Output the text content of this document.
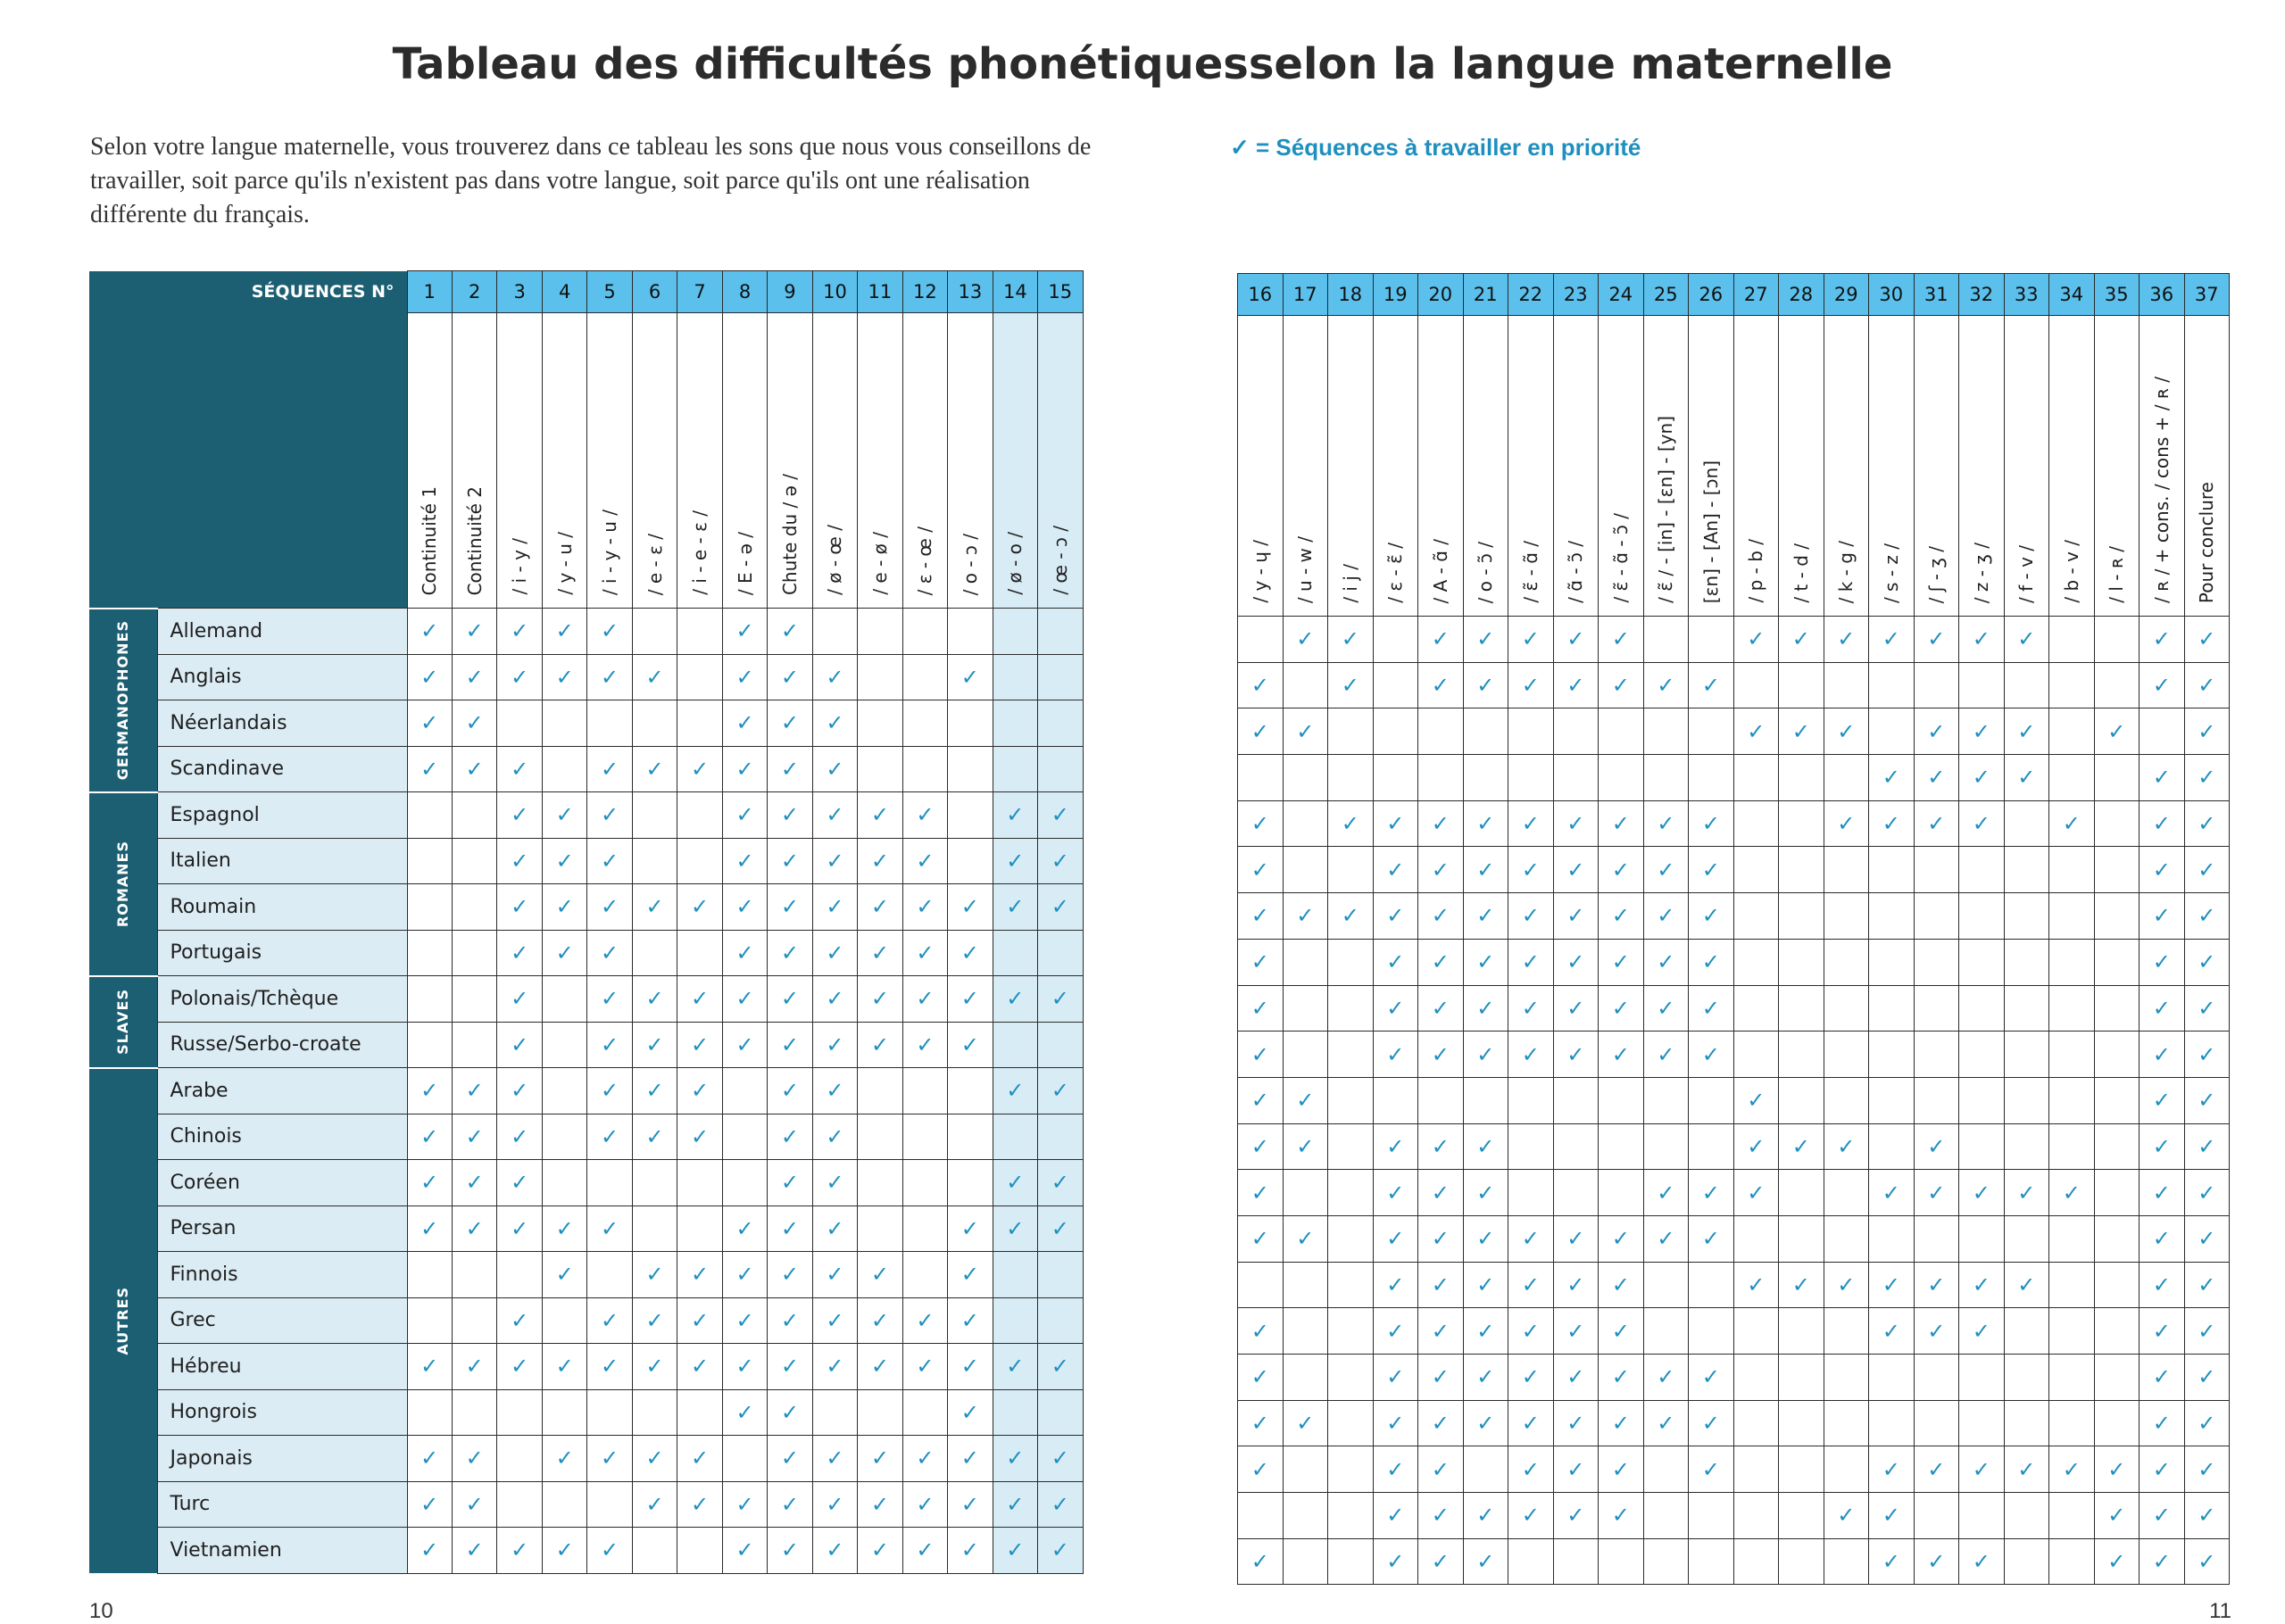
Tableau des difficultés phonétiquesselon la langue maternelle
Selon votre langue maternelle, vous trouverez dans ce tableau les sons que nous vous conseillons de travailler, soit parce qu'ils n'existent pas dans votre langue, soit parce qu'ils ont une réalisation différente du français.
✓ = Séquences à travailler en priorité
SÉQUENCES N°		1	2	3	4	5	6	7	8	9	10	11	12	13	14	15

		Continuité 1	Continuité 2	/ i - y /	/ y - u /	/ i - y - u /	/ e - ε /	/ i - e - ε /	/ E - ə /	Chute du / ə /	/ ø - œ /	/ e - ø /	/ ε - œ /	/ o - ɔ /	/ ø - o /	/ œ - ɔ /

GERMANOPHONES	Allemand	✓	✓	✓	✓	✓			✓	✓						
	Anglais	✓	✓	✓	✓	✓	✓		✓	✓	✓			✓		
	Néerlandais	✓	✓						✓	✓	✓					
	Scandinave	✓	✓	✓		✓	✓	✓	✓	✓	✓					

ROMANES	Espagnol			✓	✓	✓			✓	✓	✓	✓	✓		✓	✓
	Italien			✓	✓	✓			✓	✓	✓	✓	✓		✓	✓
	Roumain			✓	✓	✓	✓	✓	✓	✓	✓	✓	✓	✓	✓	✓
	Portugais			✓	✓	✓			✓	✓	✓	✓	✓	✓		

SLAVES	Polonais/Tchèque			✓		✓	✓	✓	✓	✓	✓	✓	✓	✓	✓	✓
	Russe/Serbo-croate			✓		✓	✓	✓	✓	✓	✓	✓	✓	✓		

AUTRES	Arabe	✓	✓	✓		✓	✓	✓		✓	✓				✓	✓
	Chinois	✓	✓	✓		✓	✓	✓		✓	✓					
	Coréen	✓	✓	✓						✓	✓				✓	✓
	Persan	✓	✓	✓	✓	✓			✓	✓	✓			✓	✓	✓
	Finnois				✓		✓	✓	✓	✓	✓	✓		✓		
	Grec			✓		✓	✓	✓	✓	✓	✓	✓	✓	✓		
	Hébreu	✓	✓	✓	✓	✓	✓	✓	✓	✓	✓	✓	✓	✓	✓	✓
	Hongrois								✓	✓				✓		
	Japonais	✓	✓		✓	✓	✓	✓		✓	✓	✓	✓	✓	✓	✓
	Turc	✓	✓				✓	✓	✓	✓	✓	✓	✓	✓	✓	✓
	Vietnamien	✓	✓	✓	✓	✓			✓	✓	✓	✓	✓	✓	✓	✓
16	17	18	19	20	21	22	23	24	25	26	27	28	29	30	31	32	33	34	35	36	37

/ y - ɥ /	/ u - w /	/ i j /	/ ε - ɛ̃ /	/ A - ɑ̃ /	/ o - ɔ̃ /	/ ɛ̃ - ɑ̃ /	/ ɑ̃ - ɔ̃ /	/ ɛ̃ - ɑ̃ - ɔ̃ /	/ ɛ̃ / - [in] - [εn] - [yn]	[εn] - [An] - [ɔn]	/ p - b /	/ t - d /	/ k - g /	/ s - z /	/ ʃ - ʒ /	/ z - ʒ /	/ f - v /	/ b - v /	/ l - ʀ /	/ ʀ / + cons. / cons + / ʀ /	Pour conclure

	✓	✓		✓	✓	✓	✓	✓			✓	✓	✓	✓	✓	✓	✓			✓	✓
✓		✓		✓	✓	✓	✓	✓	✓	✓										✓	✓
✓	✓										✓	✓	✓		✓	✓	✓		✓		✓
														✓	✓	✓	✓			✓	✓
✓		✓	✓	✓	✓	✓	✓	✓	✓	✓			✓	✓	✓	✓		✓		✓	✓
✓			✓	✓	✓	✓	✓	✓	✓	✓										✓	✓
✓	✓	✓	✓	✓	✓	✓	✓	✓	✓	✓										✓	✓
✓			✓	✓	✓	✓	✓	✓	✓	✓										✓	✓
✓			✓	✓	✓	✓	✓	✓	✓	✓										✓	✓
✓			✓	✓	✓	✓	✓	✓	✓	✓										✓	✓
✓	✓										✓									✓	✓
✓	✓		✓	✓	✓						✓	✓	✓		✓					✓	✓
✓			✓	✓	✓				✓	✓	✓			✓	✓	✓	✓	✓		✓	✓
✓	✓		✓	✓	✓	✓	✓	✓	✓	✓										✓	✓
			✓	✓	✓	✓	✓	✓			✓	✓	✓	✓	✓	✓	✓			✓	✓
✓			✓	✓	✓	✓	✓	✓						✓	✓	✓				✓	✓
✓			✓	✓	✓	✓	✓	✓	✓	✓										✓	✓
✓	✓		✓	✓	✓	✓	✓	✓	✓	✓										✓	✓
✓			✓	✓		✓	✓	✓		✓				✓	✓	✓	✓	✓	✓	✓	✓
			✓	✓	✓	✓	✓	✓					✓	✓					✓	✓	✓
✓			✓	✓	✓									✓	✓	✓			✓	✓	✓
10	11
